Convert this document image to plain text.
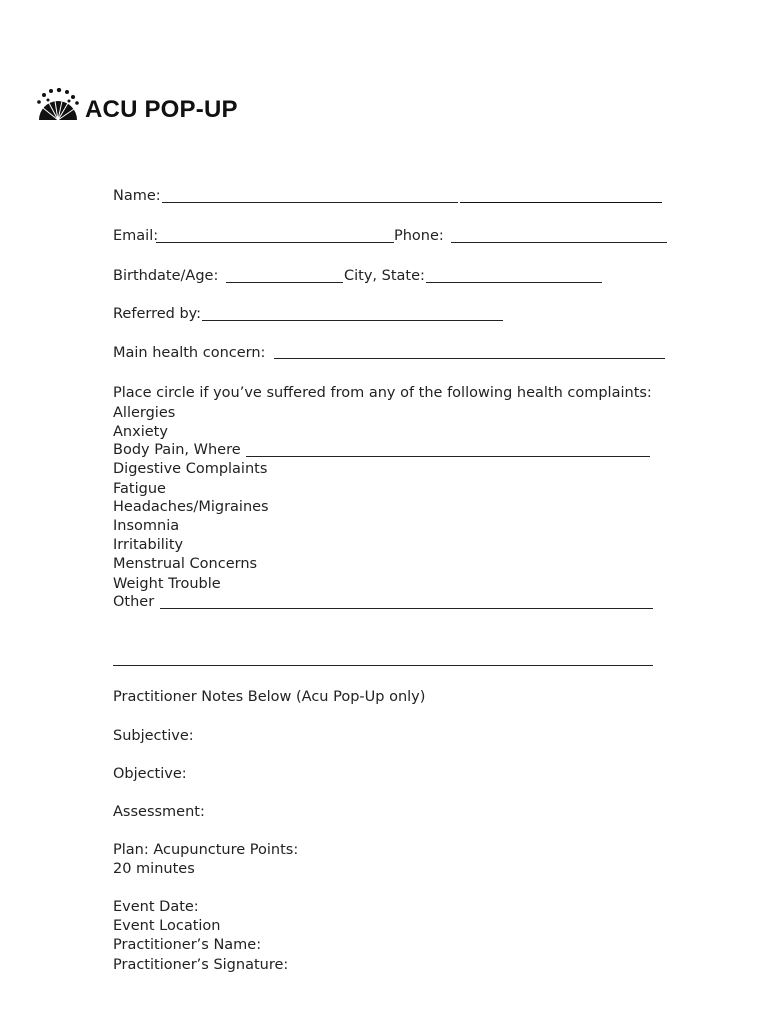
ACU POP-UP
Name:
Email:	Phone:
Birthdate/Age:	City, State:
Referred by:
Main health concern:
Place circle if you’ve suffered from any of the following health complaints:
Allergies
Anxiety
Body Pain, Where
Digestive Complaints
Fatigue
Headaches/Migraines
Insomnia
Irritability
Menstrual Concerns
Weight Trouble
Other
Practitioner Notes Below (Acu Pop-Up only)
Subjective:
Objective:
Assessment:
Plan: Acupuncture Points:
20 minutes
Event Date:
Event Location
Practitioner’s Name:
Practitioner’s Signature:
